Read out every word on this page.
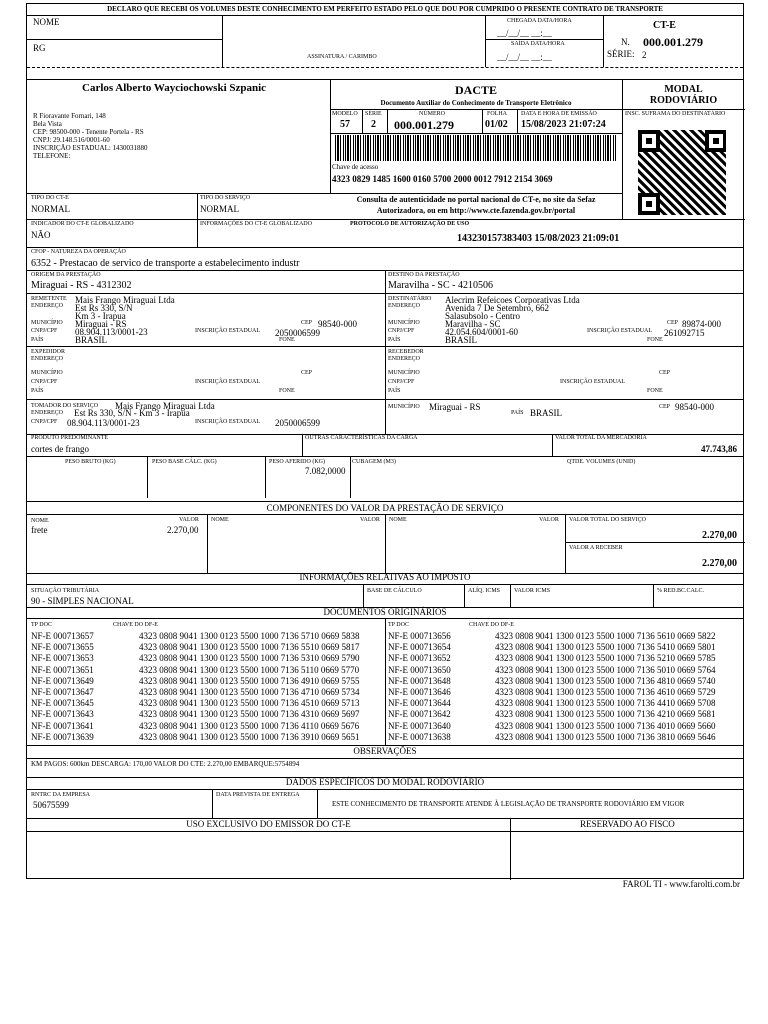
DECLARO QUE RECEBI OS VOLUMES DESTE CONHECIMENTO EM PERFEITO ESTADO PELO QUE DOU POR CUMPRIDO O PRESENTE CONTRATO DE TRANSPORTE
NOME
RG
ASSINATURA / CARIMBO
CHEGADA DATA/HORA
__/__/__ __:__
SAÍDA DATA/HORA
__/__/__ __:__
CT-E
N. 000.001.279
SÉRIE: 2
Carlos Alberto Wayciochowski Szpanic
R Fioravante Fornari, 148
Bela Vista
CEP: 98500-000 - Tenente Portela - RS
CNPJ: 29.148.516/0001-60
INSCRIÇÃO ESTADUAL: 1430031880
TELEFONE:
DACTE
Documento Auxiliar do Conhecimento de Transporte Eletrônico
MODAL
RODOVIÁRIO
MODELO
57
SÉRIE
2
NÚMERO
000.001.279
FOLHA
01/02
DATA E HORA DE EMISSÃO
15/08/2023 21:07:24
INSC. SUFRAMA DO DESTINATÁRIO
Chave de acesso
4323 0829 1485 1600 0160 5700 2000 0012 7912 2154 3069
Consulta de autenticidade no portal nacional do CT-e, no site da Sefaz Autorizadora, ou em http://www.cte.fazenda.gov.br/portal
TIPO DO CT-E
NORMAL
TIPO DO SERVIÇO
NORMAL
INDICADOR DO CT-E GLOBALIZADO
NÃO
INFORMAÇÕES DO CT-E GLOBALIZADO	PROTOCOLO DE AUTORIZAÇÃO DE USO
143230157383403 15/08/2023 21:09:01
CFOP - NATUREZA DA OPERAÇÃO
6352 - Prestacao de servico de transporte a estabelecimento industr
ORIGEM DA PRESTAÇÃO
Miraguai - RS - 4312302
DESTINO DA PRESTAÇÃO
Maravilha - SC - 4210506
REMETENTE
ENDEREÇO
Mais Frango Miraguai Ltda
Est Rs 330, S/N
Km 3 - Irapua
MUNICÍPIO Miraguai - RS	CEP 98540-000
CNPJ/CPF 08.904.113/0001-23	INSCRIÇÃO ESTADUAL 2050006599
PAÍS	BRASIL	FONE
DESTINATÁRIO
ENDEREÇO
Alecrim Refeicoes Corporativas Ltda
Avenida 7 De Setembro, 662
Salasubsolo - Centro
MUNICÍPIO	Maravilha - SC	CEP 89874-000
CNPJ/CPF	42.054.604/0001-60	INSCRIÇÃO ESTADUAL 261092715
PAÍS	BRASIL	FONE
EXPEDIDOR
ENDEREÇO
MUNICÍPIO	CEP
CNPJ/CPF	INSCRIÇÃO ESTADUAL
PAÍS	FONE
RECEBEDOR
ENDEREÇO
MUNICÍPIO	CEP
CNPJ/CPF	INSCRIÇÃO ESTADUAL
PAÍS	FONE
TOMADOR DO SERVIÇO Mais Frango Miraguai Ltda
ENDEREÇO Est Rs 330, S/N - Km 3 - Irapua
CNPJ/CPF 08.904.113/0001-23	INSCRIÇÃO ESTADUAL 2050006599
MUNICÍPIO Miraguai - RS
PAÍS BRASIL
CEP 98540-000
PRODUTO PREDOMINANTE
cortes de frango
OUTRAS CARACTERÍSTICAS DA CARGA	VALOR TOTAL DA MERCADORIA
47.743,86
PESO BRUTO (KG)	PESO BASE CÁLC. (KG)	PESO AFERIDO (KG)
7.082,0000
CUBAGEM (M3)	QTDE. VOLUMES (UNID)
COMPONENTES DO VALOR DA PRESTAÇÃO DE SERVIÇO
NOME	VALOR
frete	2.270,00
NOME	VALOR NOME	VALOR VALOR TOTAL DO SERVIÇO
2.270,00
VALOR A RECEBER
2.270,00
INFORMAÇÕES RELATIVAS AO IMPOSTO
SITUAÇÃO TRIBUTÁRIA
90 - SIMPLES NACIONAL
BASE DE CÁLCULO	ALÍQ. ICMS VALOR ICMS	% RED.BC.CALC.
DOCUMENTOS ORIGINÁRIOS
TP DOC	CHAVE DO DF-E	TP DOC	CHAVE DO DF-E
NF-E 000713657	4323 0808 9041 1300 0123 5500 1000 7136 5710 0669 5838
NF-E 000713655	4323 0808 9041 1300 0123 5500 1000 7136 5510 0669 5817
NF-E 000713653	4323 0808 9041 1300 0123 5500 1000 7136 5310 0669 5790
NF-E 000713651	4323 0808 9041 1300 0123 5500 1000 7136 5110 0669 5770
NF-E 000713649	4323 0808 9041 1300 0123 5500 1000 7136 4910 0669 5755
NF-E 000713647	4323 0808 9041 1300 0123 5500 1000 7136 4710 0669 5734
NF-E 000713645	4323 0808 9041 1300 0123 5500 1000 7136 4510 0669 5713
NF-E 000713643	4323 0808 9041 1300 0123 5500 1000 7136 4310 0669 5697
NF-E 000713641	4323 0808 9041 1300 0123 5500 1000 7136 4110 0669 5676
NF-E 000713639	4323 0808 9041 1300 0123 5500 1000 7136 3910 0669 5651
NF-E 000713656	4323 0808 9041 1300 0123 5500 1000 7136 5610 0669 5822
NF-E 000713654	4323 0808 9041 1300 0123 5500 1000 7136 5410 0669 5801
NF-E 000713652	4323 0808 9041 1300 0123 5500 1000 7136 5210 0669 5785
NF-E 000713650	4323 0808 9041 1300 0123 5500 1000 7136 5010 0669 5764
NF-E 000713648	4323 0808 9041 1300 0123 5500 1000 7136 4810 0669 5740
NF-E 000713646	4323 0808 9041 1300 0123 5500 1000 7136 4610 0669 5729
NF-E 000713644	4323 0808 9041 1300 0123 5500 1000 7136 4410 0669 5708
NF-E 000713642	4323 0808 9041 1300 0123 5500 1000 7136 4210 0669 5681
NF-E 000713640	4323 0808 9041 1300 0123 5500 1000 7136 4010 0669 5660
NF-E 000713638	4323 0808 9041 1300 0123 5500 1000 7136 3810 0669 5646
OBSERVAÇÕES
KM PAGOS: 600km DESCARGA: 170,00 VALOR DO CTE: 2.270,00 EMBARQUE:5754894
DADOS ESPECÍFICOS DO MODAL RODOVIÁRIO
RNTRC DA EMPRESA
50675599
DATA PREVISTA DE ENTREGA
ESTE CONHECIMENTO DE TRANSPORTE ATENDE À LEGISLAÇÃO DE TRANSPORTE RODOVIÁRIO EM VIGOR
USO EXCLUSIVO DO EMISSOR DO CT-E	RESERVADO AO FISCO
FAROL TI - www.farolti.com.br
